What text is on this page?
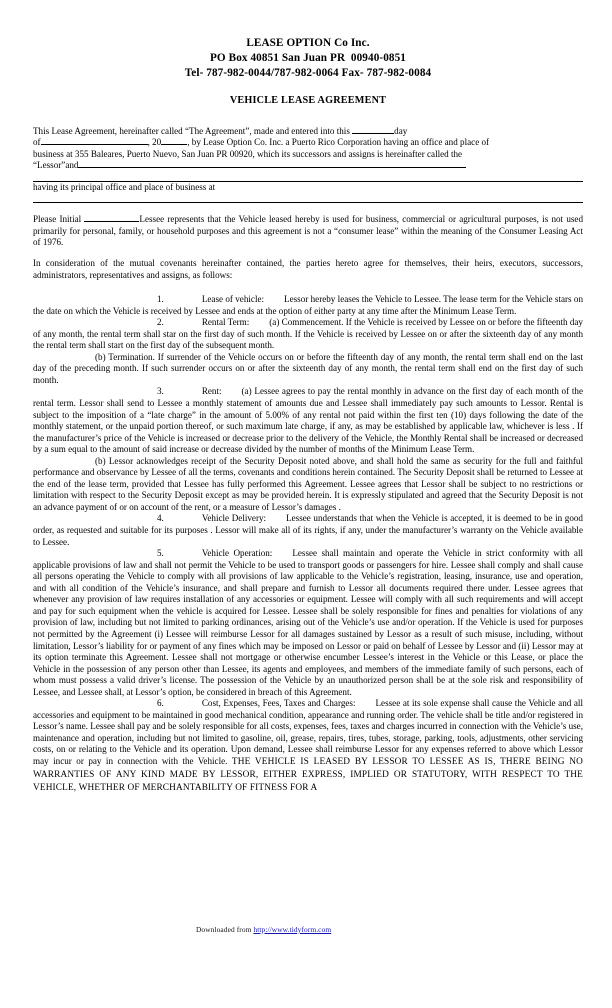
LEASE OPTION Co Inc.
PO Box 40851 San Juan PR  00940-0851
Tel- 787-982-0044/787-982-0064 Fax- 787-982-0084
VEHICLE LEASE AGREEMENT

This Lease Agreement, hereinafter called “The Agreement”, made and entered into this	day

of	, 20	, by Lease Option Co. Inc. a Puerto Rico Corporation having an office and place of

business at 355 Baleares, Puerto Nuevo, San Juan PR 00920, which its successors and assigns is hereinafter called the

“Lessor”and

having its principal office and place of business at

Please Initial	Lessee represents that the Vehicle leased hereby is used for business, commercial or agricultural purposes, is not used primarily for personal, family, or household purposes and this agreement is not a “consumer lease” within the meaning of the Consumer Leasing Act of 1976.

In consideration of the mutual covenants hereinafter contained, the parties hereto agree for themselves, their heirs, executors, successors, administrators, representatives and assigns, as follows:

1.	Lease of vehicle: Lessor hereby leases the Vehicle to Lessee. The lease term for the Vehicle stars on the date on which the Vehicle is received by Lessee and ends at the option of either party at any time after the Minimum Lease Term.

2.	Rental Term: (a) Commencement. If the Vehicle is received by Lessee on or before the fifteenth day of any month, the rental term shall star on the first day of such month. If the Vehicle is received by Lessee on or after the sixteenth day of any month the rental term shall start on the first day of the subsequent month.

(b) Termination. If surrender of the Vehicle occurs on or before the fifteenth day of any month, the rental term shall end on the last day of the preceding month. If such surrender occurs on or after the sixteenth day of any month, the rental term shall end on the first day of such month.

3.	Rent: (a) Lessee agrees to pay the rental monthly in advance on the first day of each month of the rental term. Lessor shall send to Lessee a monthly statement of amounts due and Lessee shall immediately pay such amounts to Lessor. Rental is subject to the imposition of a “late charge” in the amount of 5.00% of any rental not paid within the first ten (10) days following the date of the monthly statement, or the unpaid portion thereof, or such maximum late charge, if any, as may be established by applicable law, whichever is less . If the manufacturer’s price of the Vehicle is increased or decrease prior to the delivery of the Vehicle, the Monthly Rental shall be increased or decreased by a sum equal to the amount of said increase or decrease divided by the number of months of the Minimum Lease Term.

(b) Lessor acknowledges receipt of the Security Deposit noted above, and shall hold the same as security for the full and faithful performance and observance by Lessee of all the terms, covenants and conditions herein contained. The Security Deposit shall be returned to Lessee at the end of the lease term, provided that Lessee has fully performed this Agreement. Lessee agrees that Lessor shall be subject to no restrictions or limitation with respect to the Security Deposit except as may be provided herein. It is expressly stipulated and agreed that the Security Deposit is not an advance payment of or on account of the rent, or a measure of Lessor’s damages .

4.	Vehicle Delivery: Lessee understands that when the Vehicle is accepted, it is deemed to be in good order, as requested and suitable for its purposes . Lessor will make all of its rights, if any, under the manufacturer’s warranty on the Vehicle available to Lessee.

5.	Vehicle Operation: Lessee shall maintain and operate the Vehicle in strict conformity with all applicable provisions of law and shall not permit the Vehicle to be used to transport goods or passengers for hire. Lessee shall comply and shall cause all persons operating the Vehicle to comply with all provisions of law applicable to the Vehicle’s registration, leasing, insurance, use and operation, and with all condition of the Vehicle’s insurance, and shall prepare and furnish to Lessor all documents required there under. Lessee agrees that whenever any provision of law requires installation of any accessories or equipment. Lessee will comply with all such requirements and will accept and pay for such equipment when the vehicle is acquired for Lessee. Lessee shall be solely responsible for fines and penalties for violations of any provision of law, including but not limited to parking ordinances, arising out of the Vehicle’s use and/or operation. If the Vehicle is used for purposes not permitted by the Agreement (i) Lessee will reimburse Lessor for all damages sustained by Lessor as a result of such misuse, including, without limitation, Lessor’s liability for or payment of any fines which may be imposed on Lessor or paid on behalf of Lessee by Lessor and (ii) Lessor may at its option terminate this Agreement. Lessee shall not mortgage or otherwise encumber Lessee’s interest in the Vehicle or this Lease, or place the Vehicle in the possession of any person other than Lessee, its agents and employees, and members of the immediate family of such persons, each of whom must possess a valid driver’s license. The possession of the Vehicle by an unauthorized person shall be at the sole risk and responsibility of Lessee, and Lessee shall, at Lessor’s option, be considered in breach of this Agreement.

6.	Cost, Expenses, Fees, Taxes and Charges: Lessee at its sole expense shall cause the Vehicle and all accessories and equipment to be maintained in good mechanical condition, appearance and running order. The vehicle shall be title and/or registered in Lessor’s name. Lessee shall pay and be solely responsible for all costs, expenses, fees, taxes and charges incurred in connection with the Vehicle’s use, maintenance and operation, including but not limited to gasoline, oil, grease, repairs, tires, tubes, storage, parking, tools, adjustments, other servicing costs, on or relating to the Vehicle and its operation. Upon demand, Lessee shall reimburse Lessor for any expenses referred to above which Lessor may incur or pay in connection with the Vehicle. THE VEHICLE IS LEASED BY LESSOR TO LESSEE AS IS, THERE BEING NO WARRANTIES OF ANY KIND MADE BY LESSOR, EITHER EXPRESS, IMPLIED OR STATUTORY, WITH RESPECT TO THE VEHICLE, WHETHER OF MERCHANTABILITY OF FITNESS FOR A

Downloaded from http://www.tidyform.com
